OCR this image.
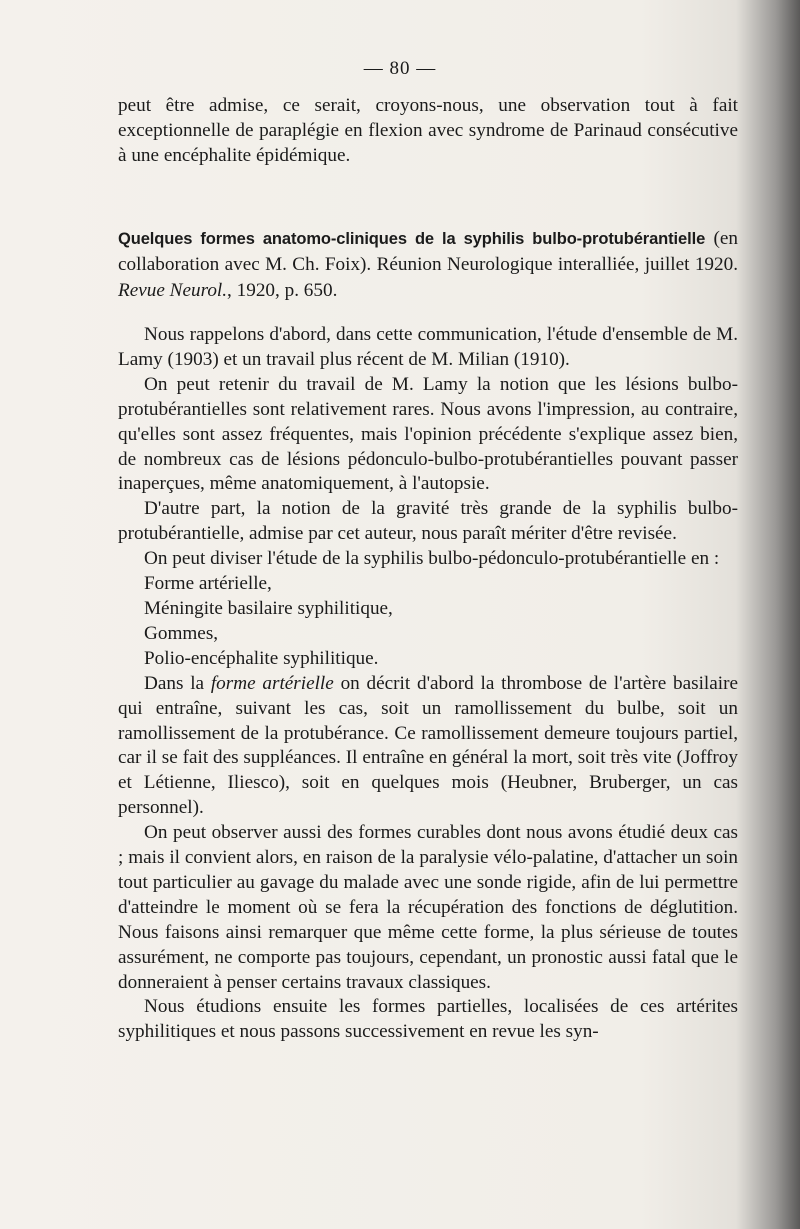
— 80 —

peut être admise, ce serait, croyons-nous, une observation tout à fait exceptionnelle de paraplégie en flexion avec syndrome de Parinaud consécutive à une encéphalite épidémique.

Quelques formes anatomo-cliniques de la syphilis bulbo-protubérantielle (en collaboration avec M. Ch. Foix). Réunion Neurologique interalliée, juillet 1920. Revue Neurol., 1920, p. 650.

Nous rappelons d'abord, dans cette communication, l'étude d'ensemble de M. Lamy (1903) et un travail plus récent de M. Milian (1910).

On peut retenir du travail de M. Lamy la notion que les lésions bulbo-protubérantielles sont relativement rares. Nous avons l'impression, au contraire, qu'elles sont assez fréquentes, mais l'opinion précédente s'explique assez bien, de nombreux cas de lésions pédonculo-bulbo-protubérantielles pouvant passer inaperçues, même anatomiquement, à l'autopsie.

D'autre part, la notion de la gravité très grande de la syphilis bulbo-protubérantielle, admise par cet auteur, nous paraît mériter d'être revisée.

On peut diviser l'étude de la syphilis bulbo-pédonculo-protubérantielle en :

Forme artérielle,

Méningite basilaire syphilitique,

Gommes,

Polio-encéphalite syphilitique.

Dans la forme artérielle on décrit d'abord la thrombose de l'artère basilaire qui entraîne, suivant les cas, soit un ramollissement du bulbe, soit un ramollissement de la protubérance. Ce ramollissement demeure toujours partiel, car il se fait des suppléances. Il entraîne en général la mort, soit très vite (Joffroy et Létienne, Iliesco), soit en quelques mois (Heubner, Bruberger, un cas personnel).

On peut observer aussi des formes curables dont nous avons étudié deux cas ; mais il convient alors, en raison de la paralysie vélo-palatine, d'attacher un soin tout particulier au gavage du malade avec une sonde rigide, afin de lui permettre d'atteindre le moment où se fera la récupération des fonctions de déglutition. Nous faisons ainsi remarquer que même cette forme, la plus sérieuse de toutes assurément, ne comporte pas toujours, cependant, un pronostic aussi fatal que le donneraient à penser certains travaux classiques.

Nous étudions ensuite les formes partielles, localisées de ces artérites syphilitiques et nous passons successivement en revue les syn-
